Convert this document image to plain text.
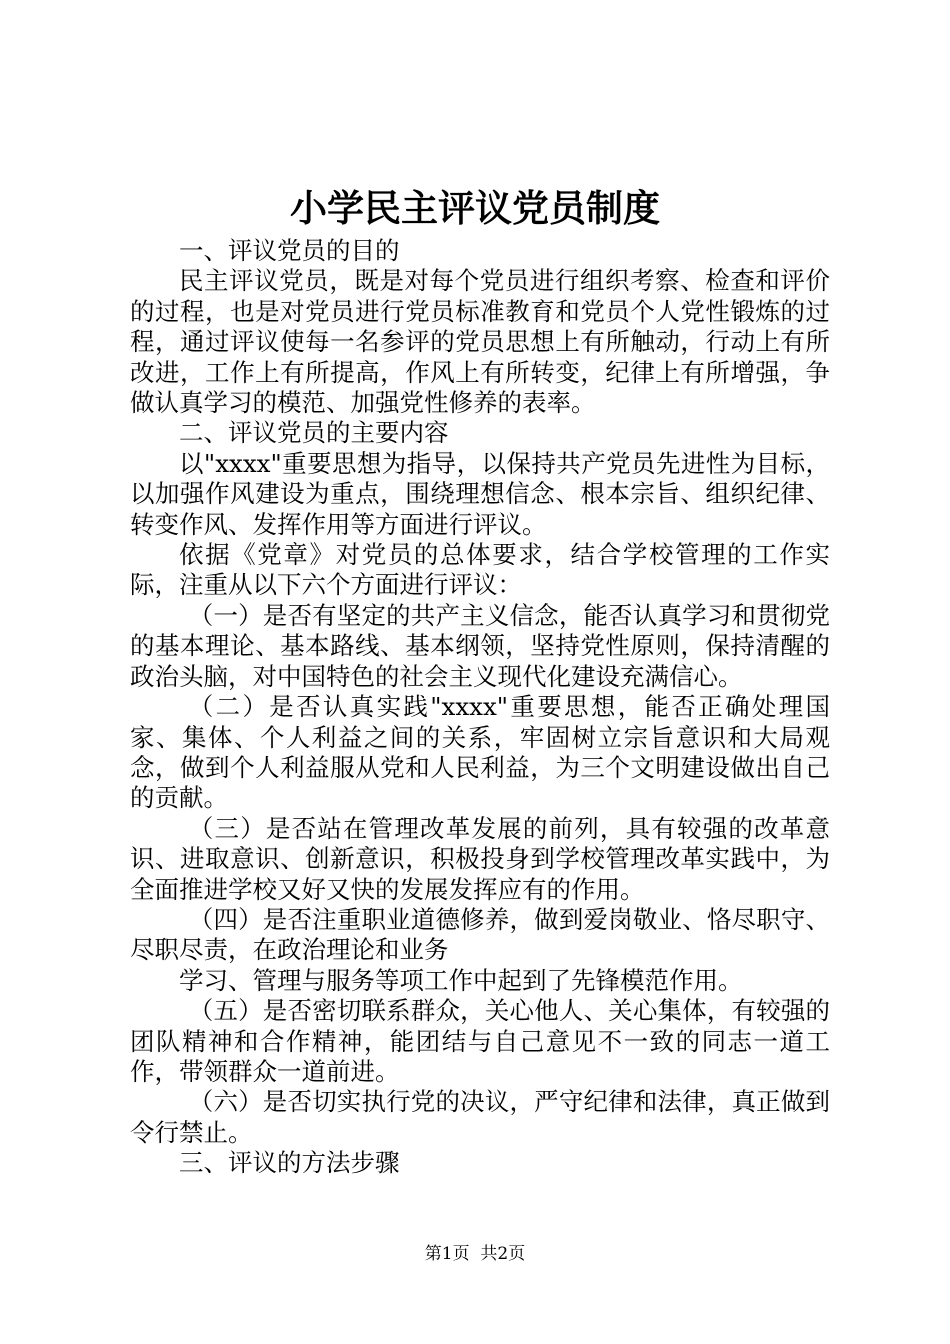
小学民主评议党员制度

一、评议党员的目的

民主评议党员，既是对每个党员进行组织考察、检查和评价的过程，也是对党员进行党员标准教育和党员个人党性锻炼的过程，通过评议使每一名参评的党员思想上有所触动，行动上有所改进，工作上有所提高，作风上有所转变，纪律上有所增强，争做认真学习的模范、加强党性修养的表率。

二、评议党员的主要内容

以"xxxx"重要思想为指导，以保持共产党员先进性为目标，以加强作风建设为重点，围绕理想信念、根本宗旨、组织纪律、转变作风、发挥作用等方面进行评议。

依据《党章》对党员的总体要求，结合学校管理的工作实际，注重从以下六个方面进行评议：

（一）是否有坚定的共产主义信念，能否认真学习和贯彻党的基本理论、基本路线、基本纲领，坚持党性原则，保持清醒的政治头脑，对中国特色的社会主义现代化建设充满信心。

（二）是否认真实践"xxxx"重要思想，能否正确处理国家、集体、个人利益之间的关系，牢固树立宗旨意识和大局观念，做到个人利益服从党和人民利益，为三个文明建设做出自己的贡献。

（三）是否站在管理改革发展的前列，具有较强的改革意识、进取意识、创新意识，积极投身到学校管理改革实践中，为全面推进学校又好又快的发展发挥应有的作用。

（四）是否注重职业道德修养，做到爱岗敬业、恪尽职守、尽职尽责，在政治理论和业务

学习、管理与服务等项工作中起到了先锋模范作用。

（五）是否密切联系群众，关心他人、关心集体，有较强的团队精神和合作精神，能团结与自己意见不一致的同志一道工作，带领群众一道前进。

（六）是否切实执行党的决议，严守纪律和法律，真正做到令行禁止。

三、评议的方法步骤

第1页  共2页
